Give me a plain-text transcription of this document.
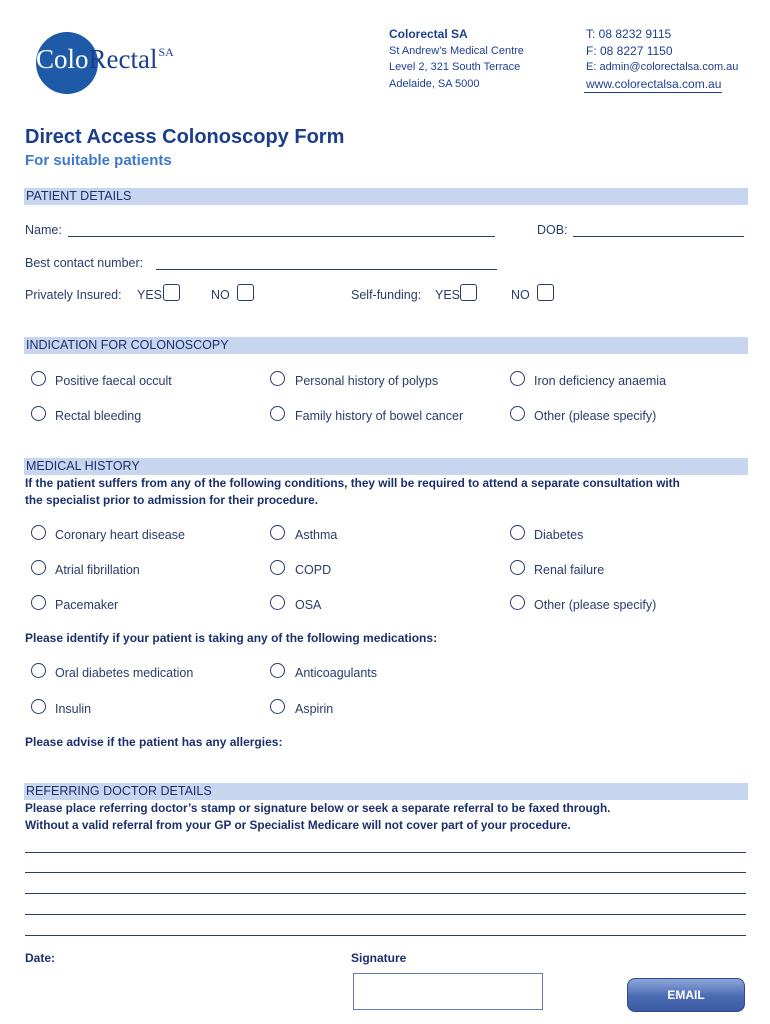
ColoRectal$^{SA}$
Colorectal SA
St Andrew’s Medical Centre
Level 2, 321 South Terrace
Adelaide, SA 5000
T: 08 8232 9115
F: 08 8227 1150
E: admin@colorectalsa.com.au
www.colorectalsa.com.au
Direct Access Colonoscopy Form
For suitable patients
PATIENT DETAILS
Name:	DOB:
Best contact number:
Privately Insured: YES	NO	Self-funding: YES	NO
INDICATION FOR COLONOSCOPY
Positive faecal occult	Personal history of polyps	Iron deficiency anaemia
Rectal bleeding	Family history of bowel cancer	Other (please specify)
MEDICAL HISTORY
If the patient suffers from any of the following conditions, they will be required to attend a separate consultation with
the specialist prior to admission for their procedure.
Coronary heart disease	Asthma	Diabetes
Atrial fibrillation	COPD	Renal failure
Pacemaker	OSA	Other (please specify)
Please identify if your patient is taking any of the following medications:
Oral diabetes medication	Anticoagulants
Insulin	Aspirin
Please advise if the patient has any allergies:
REFERRING DOCTOR DETAILS
Please place referring doctor’s stamp or signature below or seek a separate referral to be faxed through.
Without a valid referral from your GP or Specialist Medicare will not cover part of your procedure.
Date:	Signature
EMAIL
